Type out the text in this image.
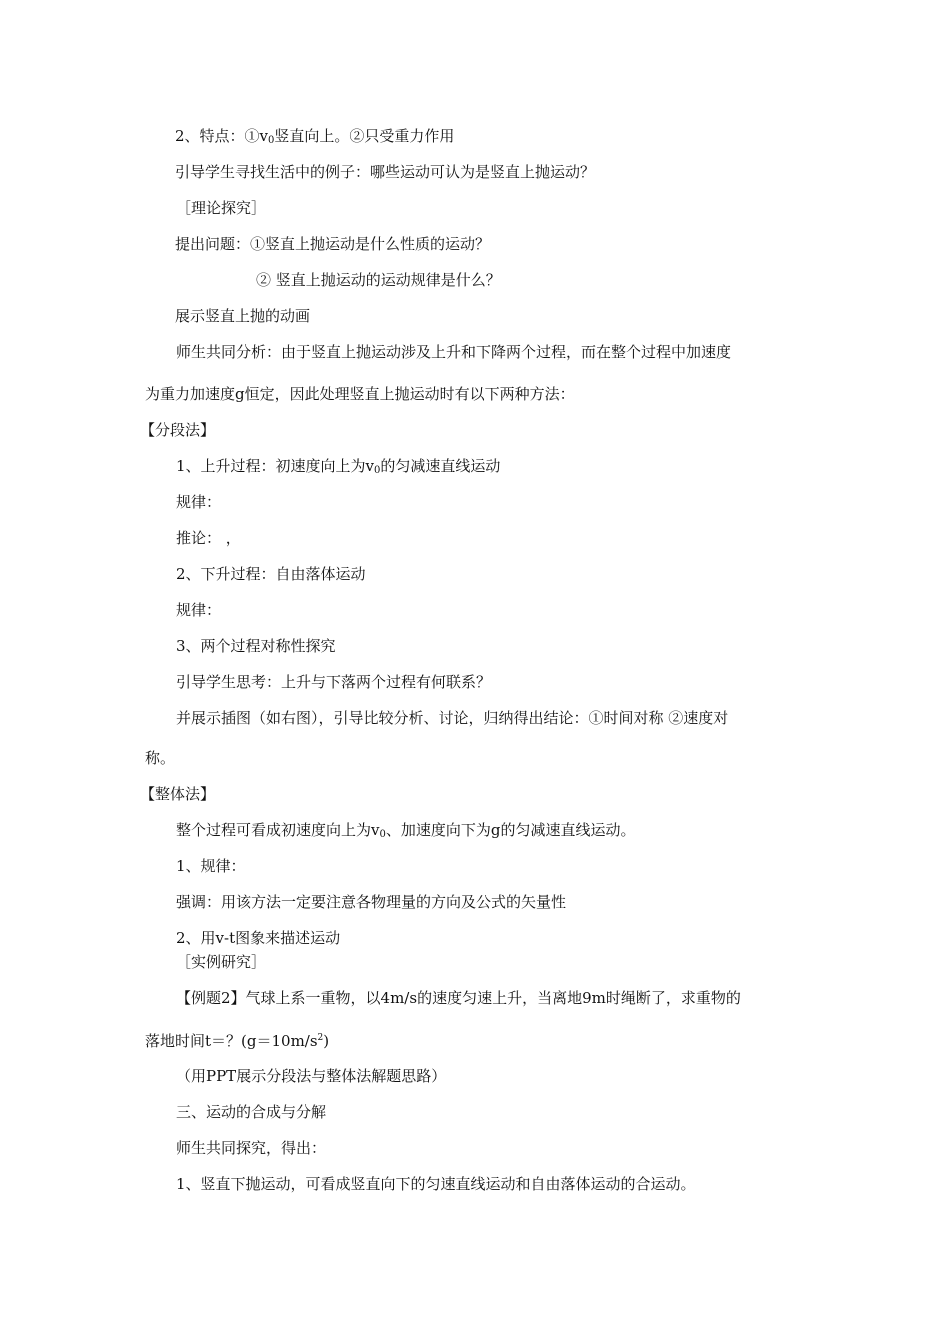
2、特点：$①v_0$竖直向上。②只受重力作用
引导学生寻找生活中的例子：哪些运动可认为是竖直上抛运动？
［理论探究］
提出问题：①竖直上抛运动是什么性质的运动？
② 竖直上抛运动的运动规律是什么？
展示竖直上抛的动画
师生共同分析：由于竖直上抛运动涉及上升和下降两个过程，而在整个过程中加速度
为重力加速度g恒定，因此处理竖直上抛运动时有以下两种方法：
【分段法】
1、上升过程：初速度向上为$v_0$的匀减速直线运动
规律：
推论： ，
2、下升过程：自由落体运动
规律：
3、两个过程对称性探究
引导学生思考：上升与下落两个过程有何联系？
并展示插图（如右图），引导比较分析、讨论，归纳得出结论：①时间对称 ②速度对
称。
【整体法】
整个过程可看成初速度向上为$v_0$、加速度向下为g的匀减速直线运动。
1、规律：
强调：用该方法一定要注意各物理量的方向及公式的矢量性
2、用v-t图象来描述运动
［实例研究］
【例题2】气球上系一重物，以4m/s的速度匀速上升，当离地9m时绳断了，求重物的
落地时间t＝？$(g=10m/s^2)$
（用PPT展示分段法与整体法解题思路）
三、运动的合成与分解
师生共同探究，得出：
1、竖直下抛运动，可看成竖直向下的匀速直线运动和自由落体运动的合运动。
